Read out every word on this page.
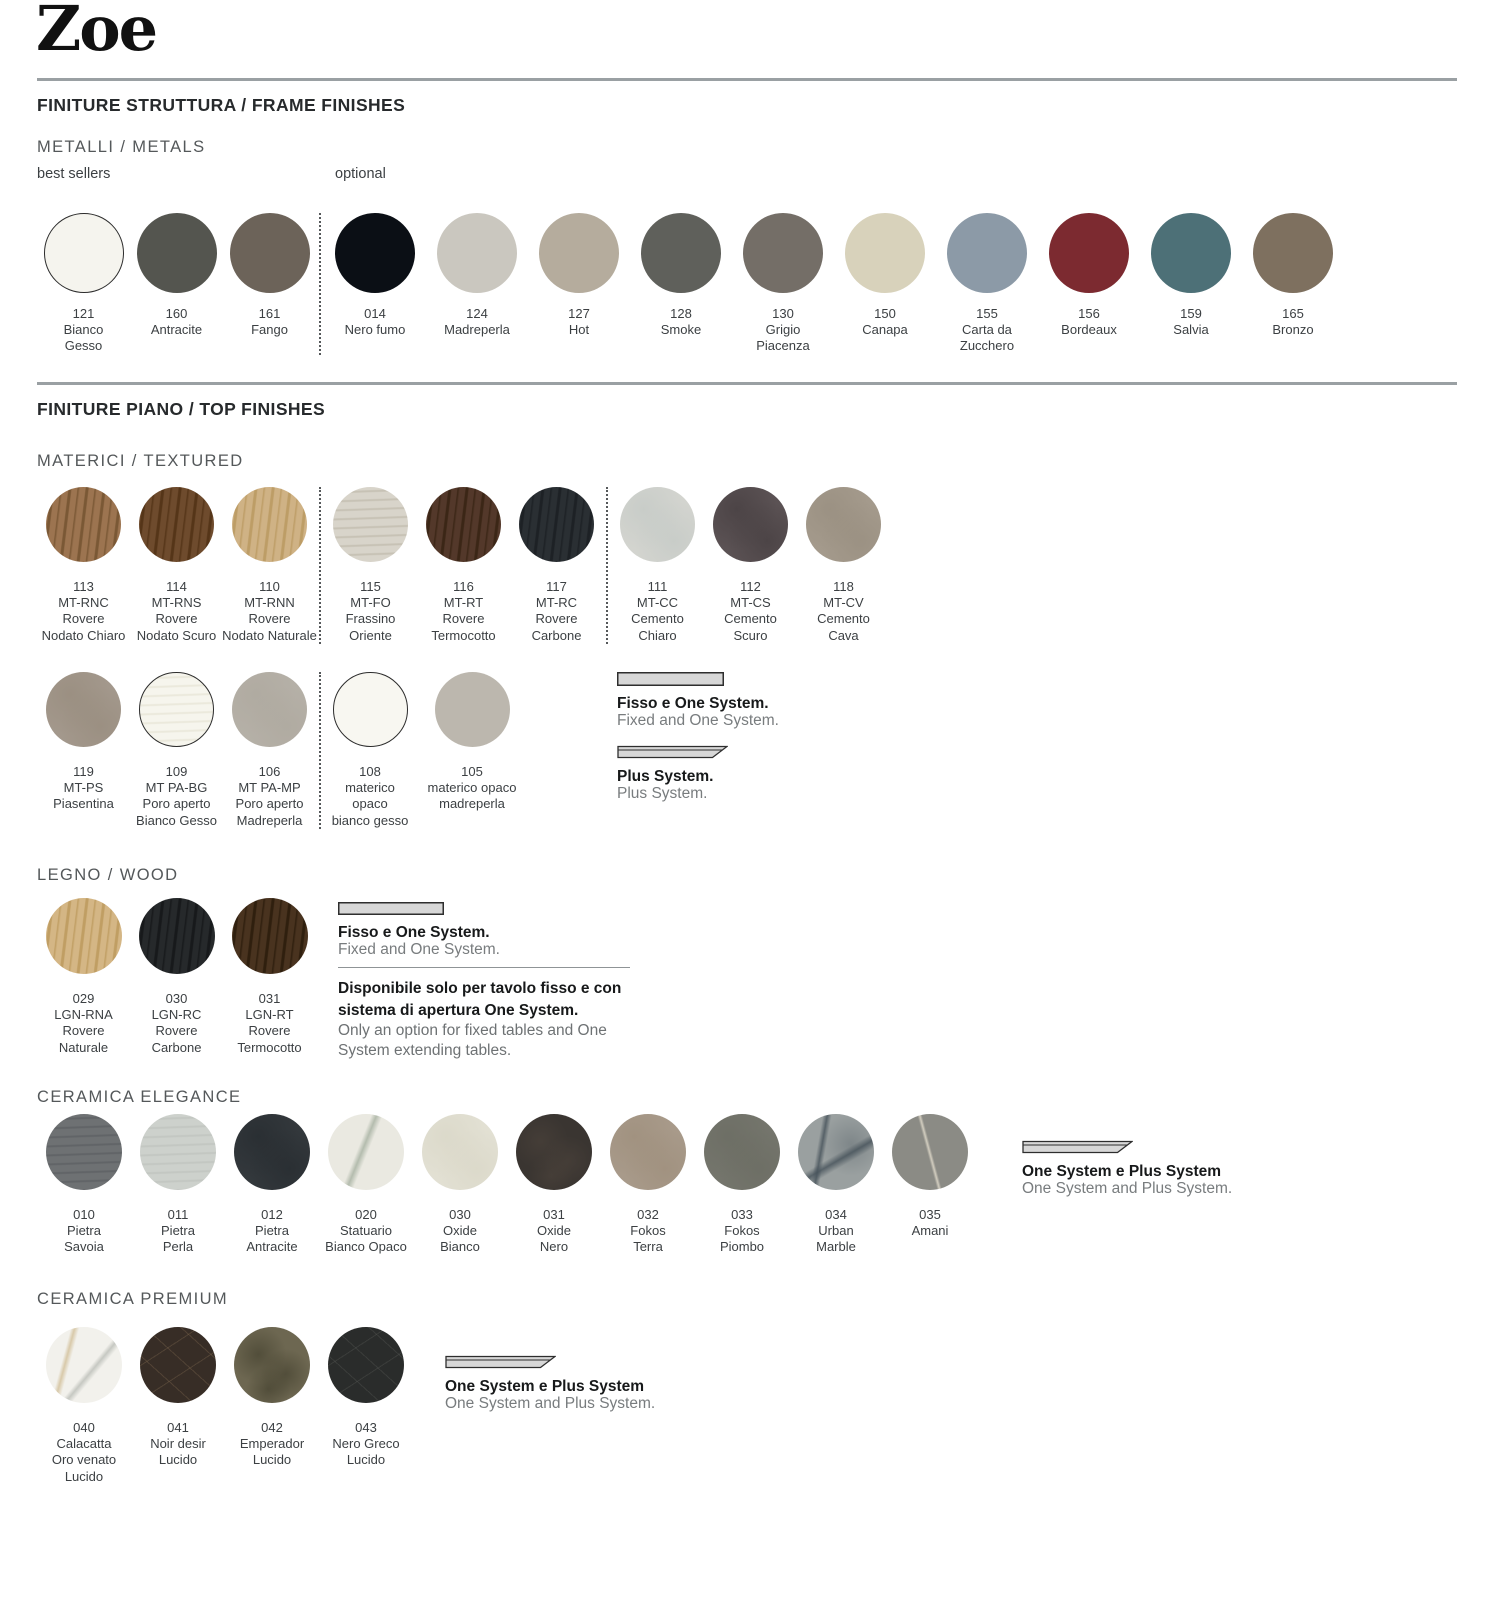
Zoe
FINITURE STRUTTURA / FRAME FINISHES
METALLI / METALS
best sellers	optional
121
Bianco
Gesso
160
Antracite
161
Fango
014
Nero fumo
124
Madreperla
127
Hot
128
Smoke
130
Grigio
Piacenza
150
Canapa
155
Carta da
Zucchero
156
Bordeaux
159
Salvia
165
Bronzo
FINITURE PIANO / TOP FINISHES
MATERICI / TEXTURED
113
MT-RNC
Rovere
Nodato Chiaro
114
MT-RNS
Rovere
Nodato Scuro
110
MT-RNN
Rovere
Nodato Naturale
115
MT-FO
Frassino
Oriente
116
MT-RT
Rovere
Termocotto
117
MT-RC
Rovere
Carbone
111
MT-CC
Cemento
Chiaro
112
MT-CS
Cemento
Scuro
118
MT-CV
Cemento
Cava
119
MT-PS
Piasentina
109
MT PA-BG
Poro aperto
Bianco Gesso
106
MT PA-MP
Poro aperto
Madreperla
108
materico
opaco
bianco gesso
105
materico opaco
madreperla
Fisso e One System.
Fixed and One System.
Plus System.
Plus System.
LEGNO / WOOD
029
LGN-RNA
Rovere
Naturale
030
LGN-RC
Rovere
Carbone
031
LGN-RT
Rovere
Termocotto
Fisso e One System.
Fixed and One System.
Disponibile solo per tavolo fisso e con sistema di apertura One System.
Only an option for fixed tables and One System extending tables.
CERAMICA ELEGANCE
010
Pietra
Savoia
011
Pietra
Perla
012
Pietra
Antracite
020
Statuario
Bianco Opaco
030
Oxide
Bianco
031
Oxide
Nero
032
Fokos
Terra
033
Fokos
Piombo
034
Urban
Marble
035
Amani
One System e Plus System
One System and Plus System.
CERAMICA PREMIUM
040
Calacatta
Oro venato
Lucido
041
Noir desir
Lucido
042
Emperador
Lucido
043
Nero Greco
Lucido
One System e Plus System
One System and Plus System.
